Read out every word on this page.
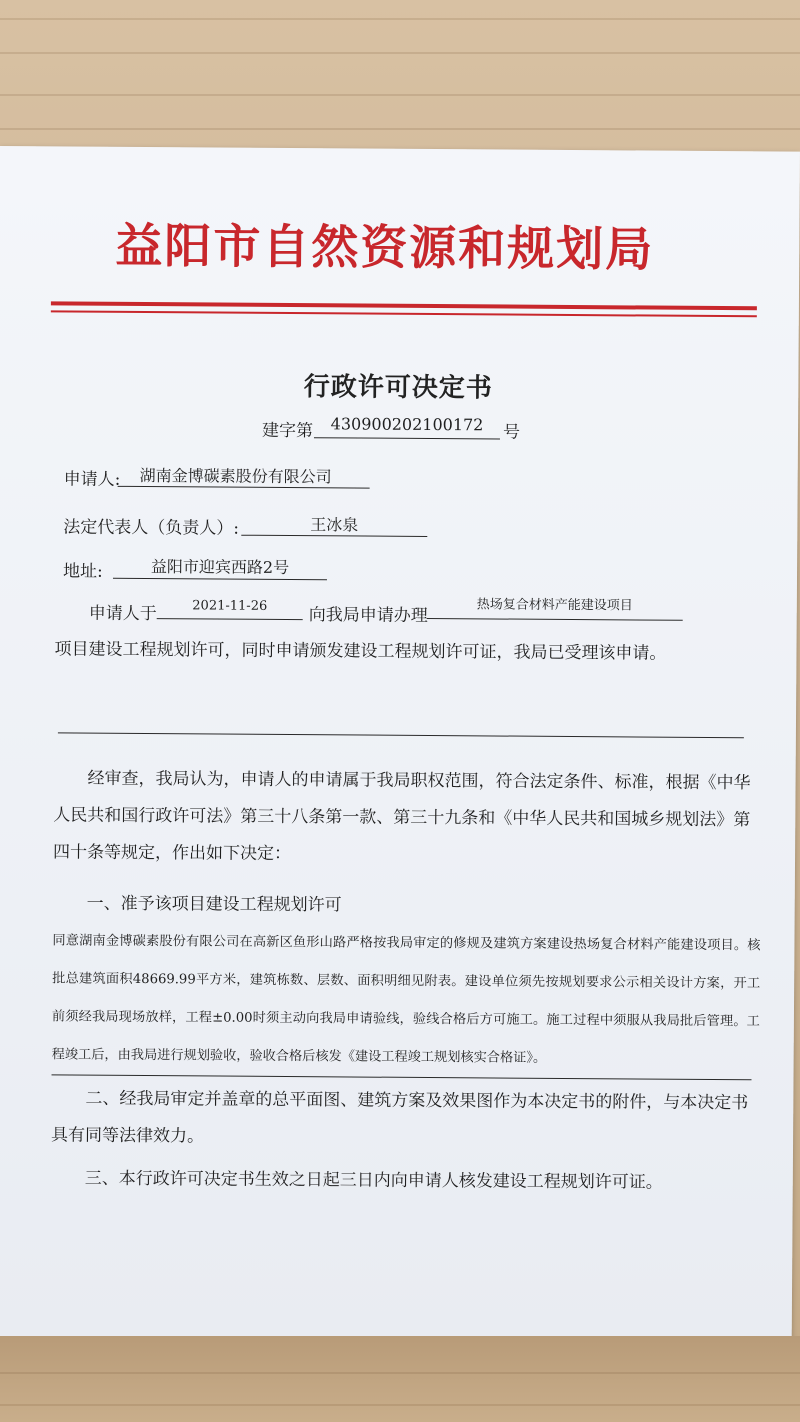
益阳市自然资源和规划局
行政许可决定书
建字第	430900202100172	号
申请人:	湖南金博碳素股份有限公司
法定代表人（负责人）:	王冰泉
地址:	益阳市迎宾西路2号
申请人于	2021-11-26	向我局申请办理	热场复合材料产能建设项目
项目建设工程规划许可，同时申请颁发建设工程规划许可证，我局已受理该申请。
经审查，我局认为，申请人的申请属于我局职权范围，符合法定条件、标准，根据《中华人民共和国行政许可法》第三十八条第一款、第三十九条和《中华人民共和国城乡规划法》第四十条等规定，作出如下决定：
一、准予该项目建设工程规划许可
同意湖南金博碳素股份有限公司在高新区鱼形山路严格按我局审定的修规及建筑方案建设热场复合材料产能建设项目。核批总建筑面积48669.99平方米，建筑栋数、层数、面积明细见附表。建设单位须先按规划要求公示相关设计方案，开工前须经我局现场放样，工程±0.00时须主动向我局申请验线，验线合格后方可施工。施工过程中须服从我局批后管理。工程竣工后，由我局进行规划验收，验收合格后核发《建设工程竣工规划核实合格证》。
二、经我局审定并盖章的总平面图、建筑方案及效果图作为本决定书的附件，与本决定书具有同等法律效力。
三、本行政许可决定书生效之日起三日内向申请人核发建设工程规划许可证。
